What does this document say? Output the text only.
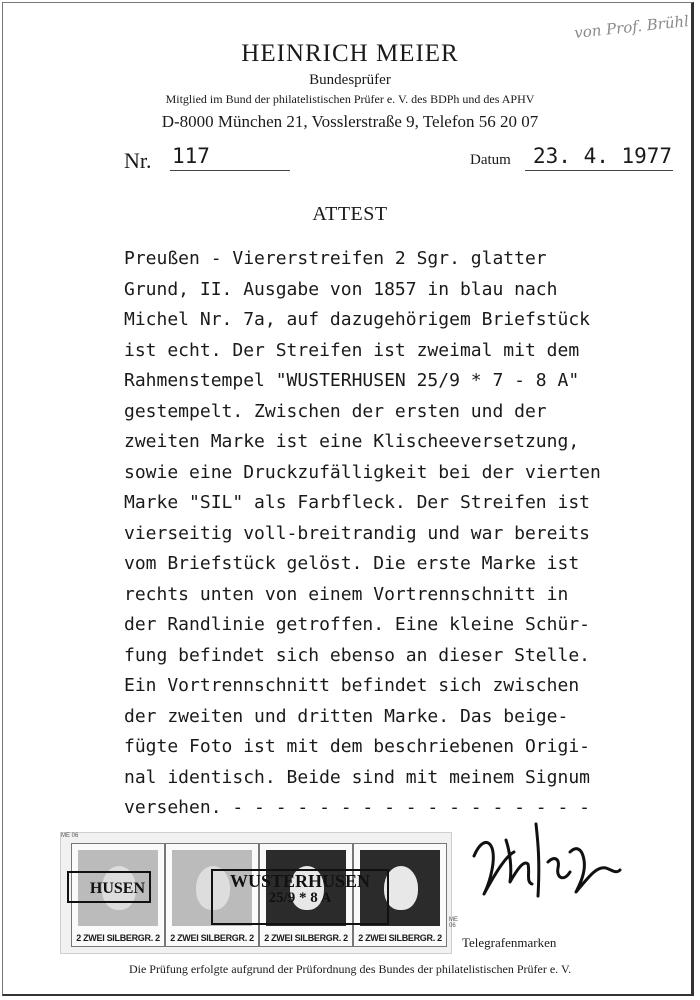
von Prof. Brühl
HEINRICH MEIER
Bundesprüfer
Mitglied im Bund der philatelistischen Prüfer e. V. des BDPh und des APHV
D-8000 München 21, Vosslerstraße 9, Telefon 56 20 07
Nr. 117	Datum 23. 4. 1977
ATTEST
Preußen - Viererstreifen 2 Sgr. glatter
Grund, II. Ausgabe von 1857 in blau nach
Michel Nr. 7a, auf dazugehörigem Briefstück
ist echt. Der Streifen ist zweimal mit dem
Rahmenstempel "WUSTERHUSEN 25/9 * 7 - 8 A"
gestempelt. Zwischen der ersten und der
zweiten Marke ist eine Klischeeversetzung,
sowie eine Druckzufälligkeit bei der vierten
Marke "SIL" als Farbfleck. Der Streifen ist
vierseitig voll-breitrandig und war bereits
vom Briefstück gelöst. Die erste Marke ist
rechts unten von einem Vortrennschnitt in
der Randlinie getroffen. Eine kleine Schür-
fung befindet sich ebenso an dieser Stelle.
Ein Vortrennschnitt befindet sich zwischen
der zweiten und dritten Marke. Das beige-
fügte Foto ist mit dem beschriebenen Origi-
nal identisch. Beide sind mit meinem Signum
versehen. - - - - - - - - - - - - - - - - -
ME 06
2 ZWEI SILBERGR. 2 2 ZWEI SILBERGR. 2 2 ZWEI SILBERGR. 2 2 ZWEI SILBERGR. 2
HUSEN	WUSTERHUSEN
25/9 * 8 A
ME 06
Telegrafenmarken
Die Prüfung erfolgte aufgrund der Prüfordnung des Bundes der philatelistischen Prüfer e. V.
